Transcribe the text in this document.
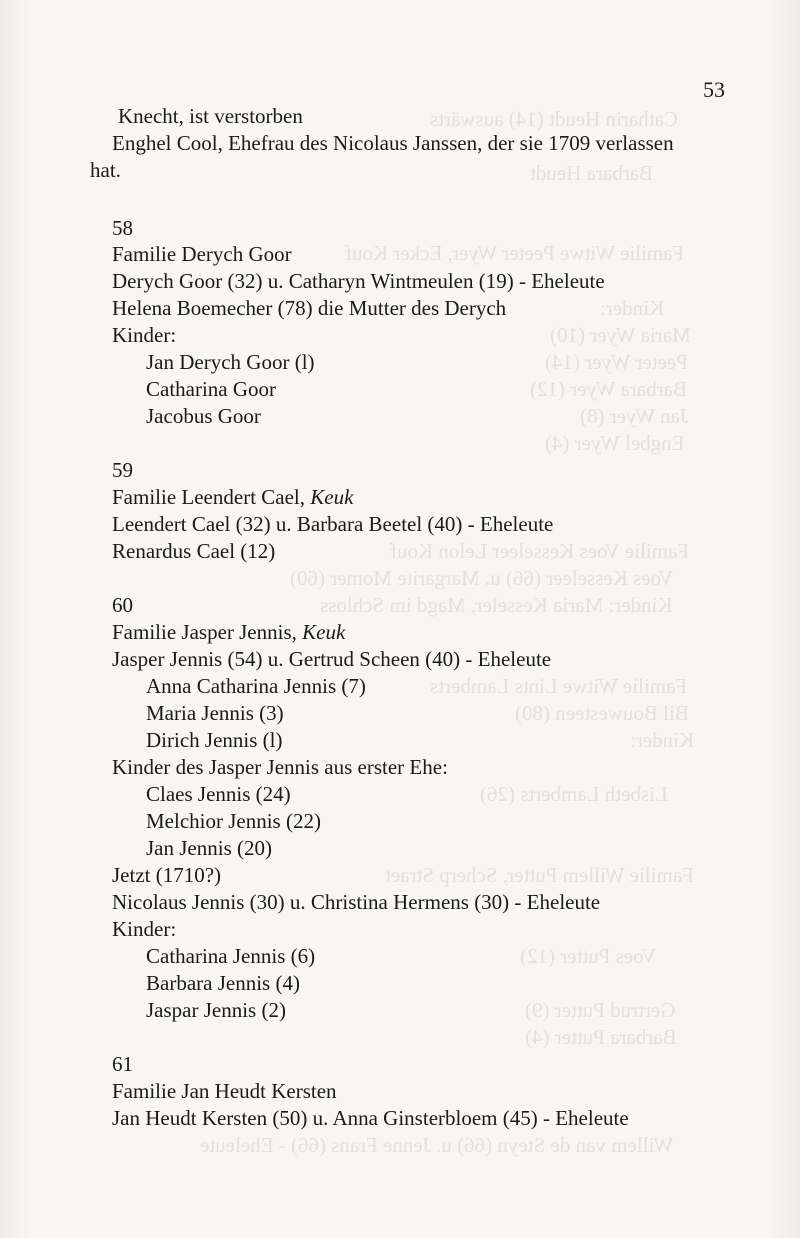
Catharin Heudt (14) auswärts
Barbara Heudt
Familie Witwe Peeter Wyer, Ecker Kouf
Kinder:
Maria Wyer (10)
Peeter Wyer (14)
Barbara Wyer (12)
Jan Wyer (8)
Engbel Wyer (4)
Familie Voes Kesseleer Lelon Kouf
Voes Kesseleer (66) u. Margarite Momer (60)
Kinder: Maria Kesseler, Magd im Schloss
Familie Witwe Lints Lamberts
Bil Bouwesteen (80)
Kinder:
Lisbeth Lamberts (26)
Familie Willem Putter, Scherp Straet
Voes Putter (12)
Gertrud Putter (9)
Barbara Putter (4)
Willem van de Steyn (66) u. Jenne Frans (66) - Eheleute
53
Knecht, ist verstorben
Enghel Cool, Ehefrau des Nicolaus Janssen, der sie 1709 verlassen
hat.
58
Familie Derych Goor
Derych Goor (32) u. Catharyn Wintmeulen (19) - Eheleute
Helena Boemecher (78) die Mutter des Derych
Kinder:
Jan Derych Goor (l)
Catharina Goor
Jacobus Goor
59
Familie Leendert Cael, Keuk
Leendert Cael (32) u. Barbara Beetel (40) - Eheleute
Renardus Cael (12)
60
Familie Jasper Jennis, Keuk
Jasper Jennis (54) u. Gertrud Scheen (40) - Eheleute
Anna Catharina Jennis (7)
Maria Jennis (3)
Dirich Jennis (l)
Kinder des Jasper Jennis aus erster Ehe:
Claes Jennis (24)
Melchior Jennis (22)
Jan Jennis (20)
Jetzt (1710?)
Nicolaus Jennis (30) u. Christina Hermens (30) - Eheleute
Kinder:
Catharina Jennis (6)
Barbara Jennis (4)
Jaspar Jennis (2)
61
Familie Jan Heudt Kersten
Jan Heudt Kersten (50) u. Anna Ginsterbloem (45) - Eheleute
